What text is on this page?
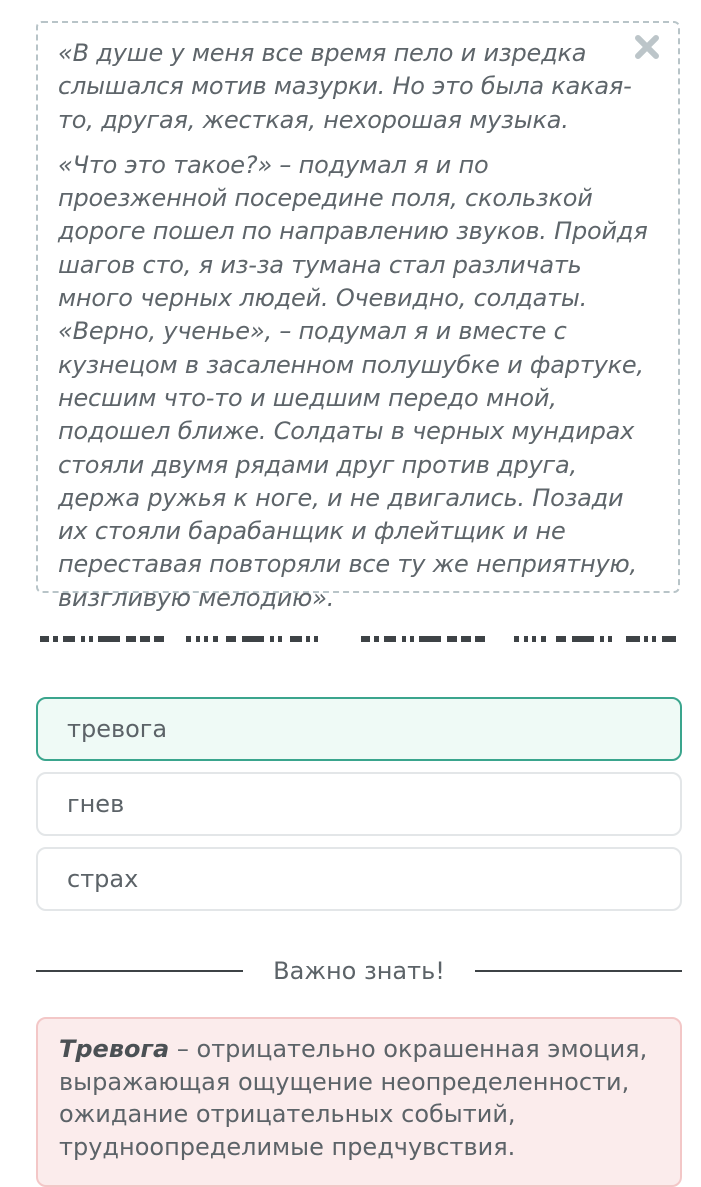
«В душе у меня все время пело и изредка слышался мотив мазурки. Но это была какая-то, другая, жесткая, нехорошая музыка.

«Что это такое?» – подумал я и по проезженной посередине поля, скользкой дороге пошел по направлению звуков. Пройдя шагов сто, я из-за тумана стал различать много черных людей. Очевидно, солдаты. «Верно, ученье», – подумал я и вместе с кузнецом в засаленном полушубке и фартуке, несшим что-то и шедшим передо мной, подошел ближе. Солдаты в черных мундирах стояли двумя рядами друг против друга, держа ружья к ноге, и не двигались. Позади их стояли барабанщик и флейтщик и не переставая повторяли все ту же неприятную, визгливую мелодию».

тревога
гнев
страх
Важно знать!
Тревога – отрицательно окрашенная эмоция, выражающая ощущение неопределенности, ожидание отрицательных событий, трудноопределимые предчувствия.
